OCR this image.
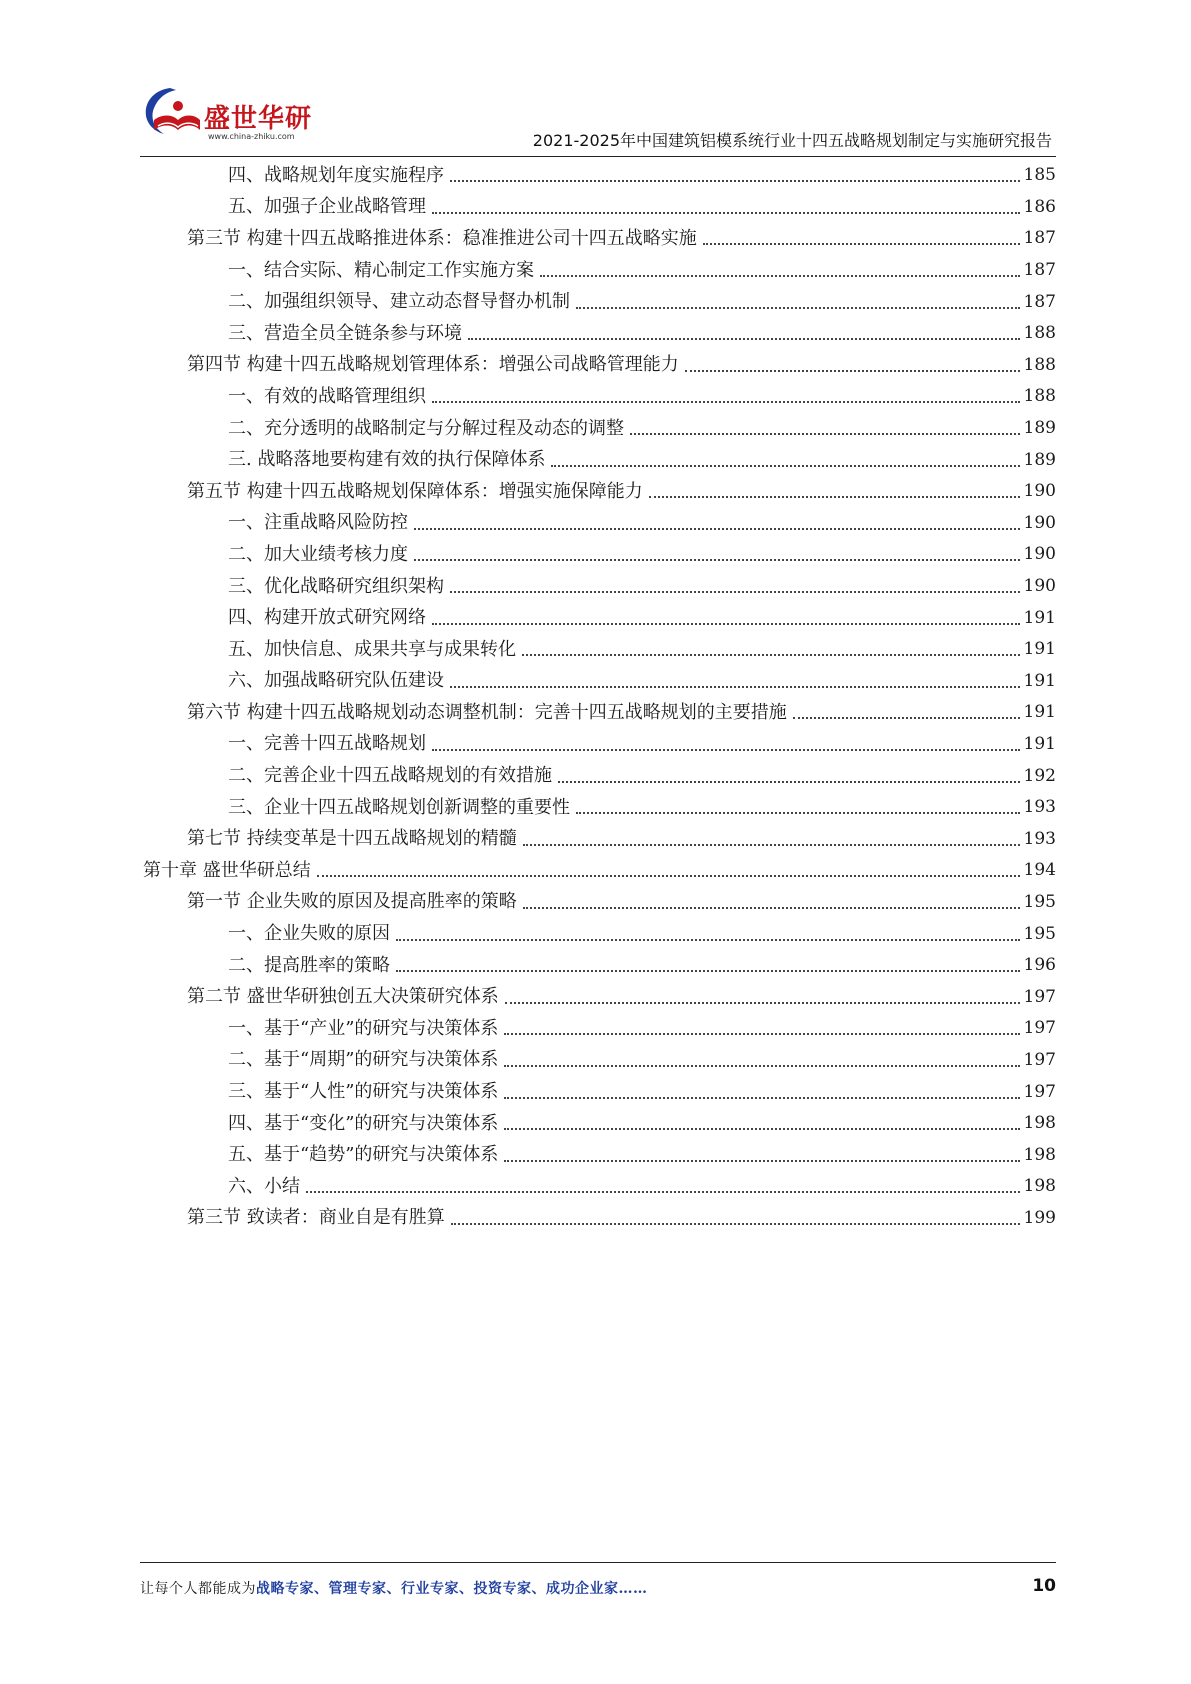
盛世华研
www.china-zhiku.com	2021-2025年中国建筑铝模系统行业十四五战略规划制定与实施研究报告
四、战略规划年度实施程序	185
五、加强子企业战略管理	186
第三节 构建十四五战略推进体系：稳准推进公司十四五战略实施	187
一、结合实际、精心制定工作实施方案	187
二、加强组织领导、建立动态督导督办机制	187
三、营造全员全链条参与环境	188
第四节 构建十四五战略规划管理体系：增强公司战略管理能力	188
一、有效的战略管理组织	188
二、充分透明的战略制定与分解过程及动态的调整	189
三. 战略落地要构建有效的执行保障体系	189
第五节 构建十四五战略规划保障体系：增强实施保障能力	190
一、注重战略风险防控	190
二、加大业绩考核力度	190
三、优化战略研究组织架构	190
四、构建开放式研究网络	191
五、加快信息、成果共享与成果转化	191
六、加强战略研究队伍建设	191
第六节 构建十四五战略规划动态调整机制：完善十四五战略规划的主要措施	191
一、完善十四五战略规划	191
二、完善企业十四五战略规划的有效措施	192
三、企业十四五战略规划创新调整的重要性	193
第七节 持续变革是十四五战略规划的精髓	193
第十章 盛世华研总结	194
第一节 企业失败的原因及提高胜率的策略	195
一、企业失败的原因	195
二、提高胜率的策略	196
第二节 盛世华研独创五大决策研究体系	197
一、基于“产业”的研究与决策体系	197
二、基于“周期”的研究与决策体系	197
三、基于“人性”的研究与决策体系	197
四、基于“变化”的研究与决策体系	198
五、基于“趋势”的研究与决策体系	198
六、小结	198
第三节 致读者：商业自是有胜算	199
让每个人都能成为战略专家、管理专家、行业专家、投资专家、成功企业家……	10
